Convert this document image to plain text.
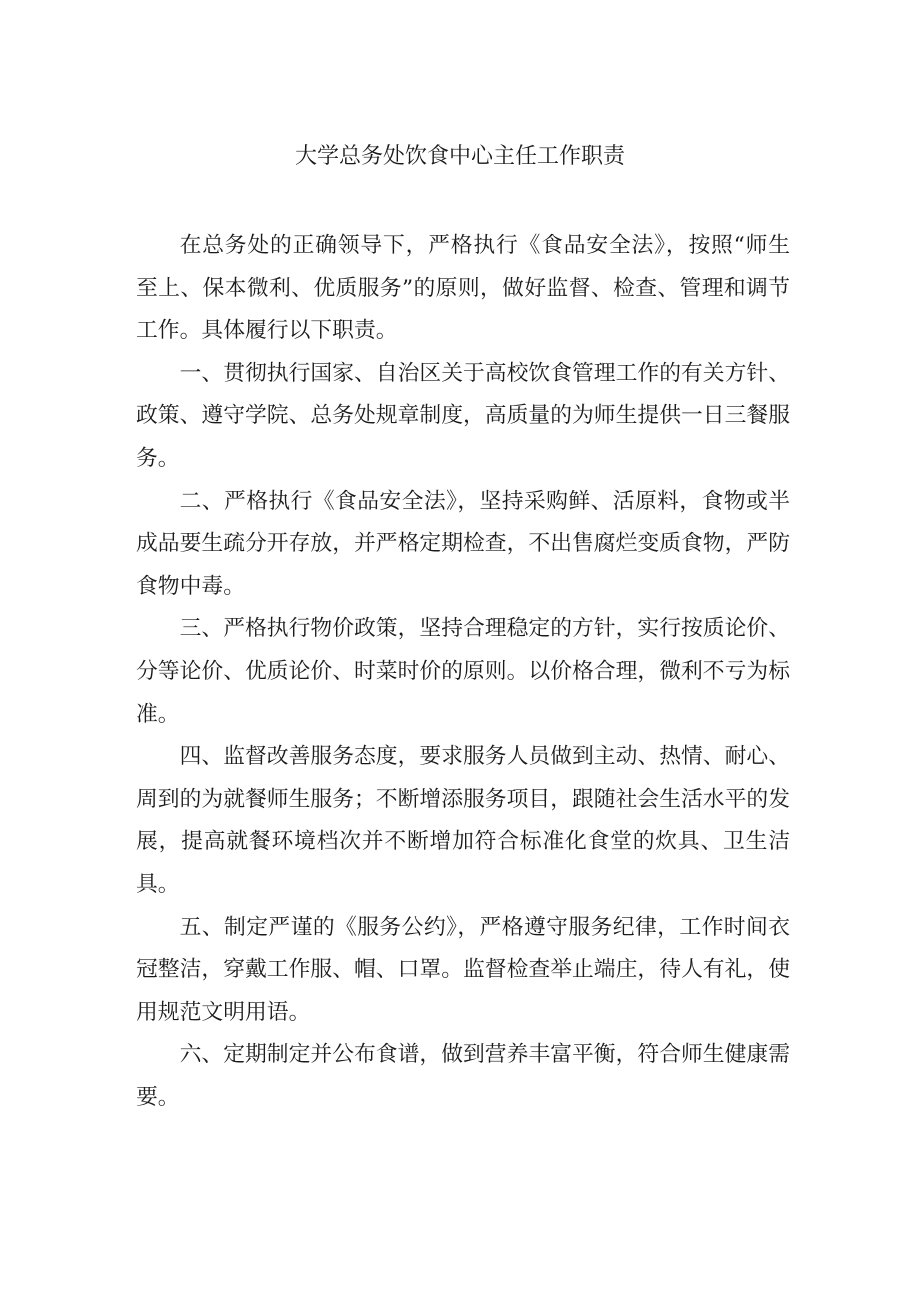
大学总务处饮食中心主任工作职责

在总务处的正确领导下，严格执行《食品安全法》，按照“师生至上、保本微利、优质服务”的原则，做好监督、检查、管理和调节工作。具体履行以下职责。

一、贯彻执行国家、自治区关于高校饮食管理工作的有关方针、政策、遵守学院、总务处规章制度，高质量的为师生提供一日三餐服务。

二、严格执行《食品安全法》，坚持采购鲜、活原料，食物或半成品要生疏分开存放，并严格定期检查，不出售腐烂变质食物，严防食物中毒。

三、严格执行物价政策，坚持合理稳定的方针，实行按质论价、分等论价、优质论价、时菜时价的原则。以价格合理，微利不亏为标准。

四、监督改善服务态度，要求服务人员做到主动、热情、耐心、周到的为就餐师生服务；不断增添服务项目，跟随社会生活水平的发展，提高就餐环境档次并不断增加符合标准化食堂的炊具、卫生洁具。

五、制定严谨的《服务公约》，严格遵守服务纪律，工作时间衣冠整洁，穿戴工作服、帽、口罩。监督检查举止端庄，待人有礼，使用规范文明用语。

六、定期制定并公布食谱，做到营养丰富平衡，符合师生健康需要。
